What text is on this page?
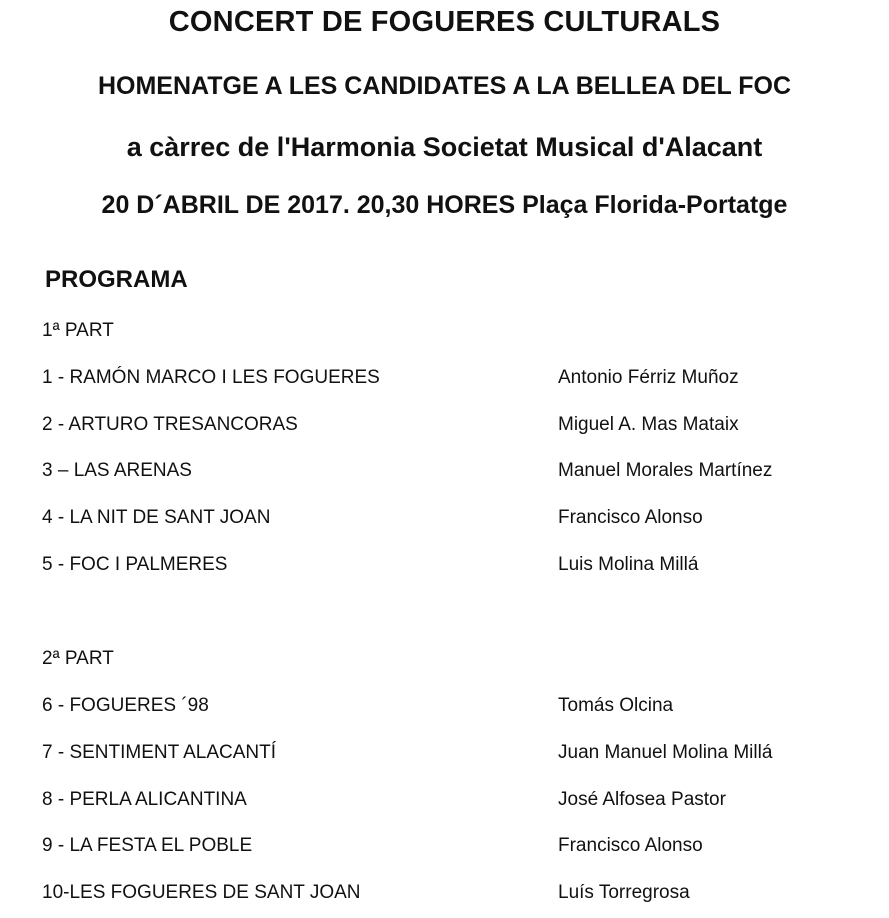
CONCERT DE FOGUERES CULTURALS
HOMENATGE A LES CANDIDATES A LA BELLEA DEL FOC
a càrrec de l'Harmonia Societat Musical d'Alacant
20 D´ABRIL DE 2017. 20,30 HORES Plaça Florida-Portatge
PROGRAMA
1ª PART
1 - RAMÓN MARCO I LES FOGUERES	Antonio Férriz Muñoz
2 - ARTURO TRESANCORAS	Miguel A. Mas Mataix
3 – LAS ARENAS	Manuel Morales Martínez
4 - LA NIT DE SANT JOAN	Francisco Alonso
5 - FOC I PALMERES	Luis Molina Millá
2ª PART
6 - FOGUERES ´98	Tomás Olcina
7 - SENTIMENT ALACANTÍ	Juan Manuel Molina Millá
8 - PERLA ALICANTINA	José Alfosea Pastor
9 - LA FESTA EL POBLE	Francisco Alonso
10-LES FOGUERES DE SANT JOAN	Luís Torregrosa
